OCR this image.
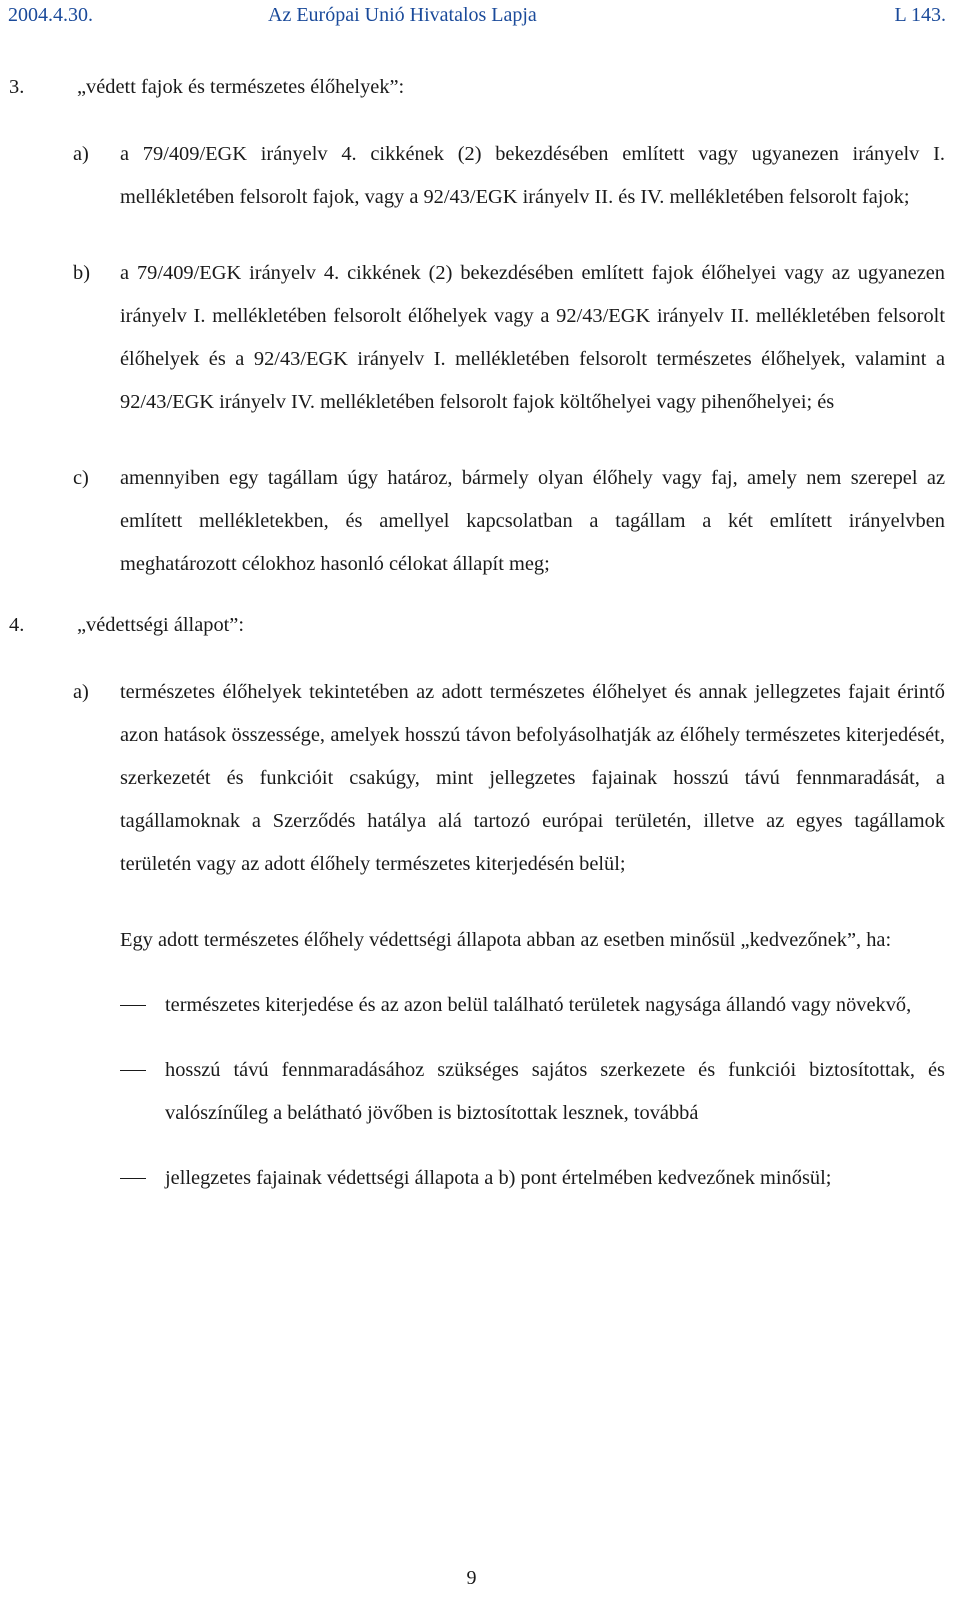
2004.4.30.	Az Európai Unió Hivatalos Lapja	L 143.
3.	„védett fajok és természetes élőhelyek”:
a) a 79/409/EGK irányelv 4. cikkének (2) bekezdésében említett vagy ugyanezen irányelv I. mellékletében felsorolt fajok, vagy a 92/43/EGK irányelv II. és IV. mellékletében felsorolt fajok;
b) a 79/409/EGK irányelv 4. cikkének (2) bekezdésében említett fajok élőhelyei vagy az ugyanezen irányelv I. mellékletében felsorolt élőhelyek vagy a 92/43/EGK irányelv II. mellékletében felsorolt élőhelyek és a 92/43/EGK irányelv I. mellékletében felsorolt természetes élőhelyek, valamint a 92/43/EGK irányelv IV. mellékletében felsorolt fajok költőhelyei vagy pihenőhelyei; és
c) amennyiben egy tagállam úgy határoz, bármely olyan élőhely vagy faj, amely nem szerepel az említett mellékletekben, és amellyel kapcsolatban a tagállam a két említett irányelvben meghatározott célokhoz hasonló célokat állapít meg;
4.	„védettségi állapot”:
a) természetes élőhelyek tekintetében az adott természetes élőhelyet és annak jellegzetes fajait érintő azon hatások összessége, amelyek hosszú távon befolyásolhatják az élőhely természetes kiterjedését, szerkezetét és funkcióit csakúgy, mint jellegzetes fajainak hosszú távú fennmaradását, a tagállamoknak a Szerződés hatálya alá tartozó európai területén, illetve az egyes tagállamok területén vagy az adott élőhely természetes kiterjedésén belül;
Egy adott természetes élőhely védettségi állapota abban az esetben minősül „kedvezőnek”, ha:
természetes kiterjedése és az azon belül található területek nagysága állandó vagy növekvő,
hosszú távú fennmaradásához szükséges sajátos szerkezete és funkciói biztosítottak, és valószínűleg a belátható jövőben is biztosítottak lesznek, továbbá
jellegzetes fajainak védettségi állapota a b) pont értelmében kedvezőnek minősül;
9
